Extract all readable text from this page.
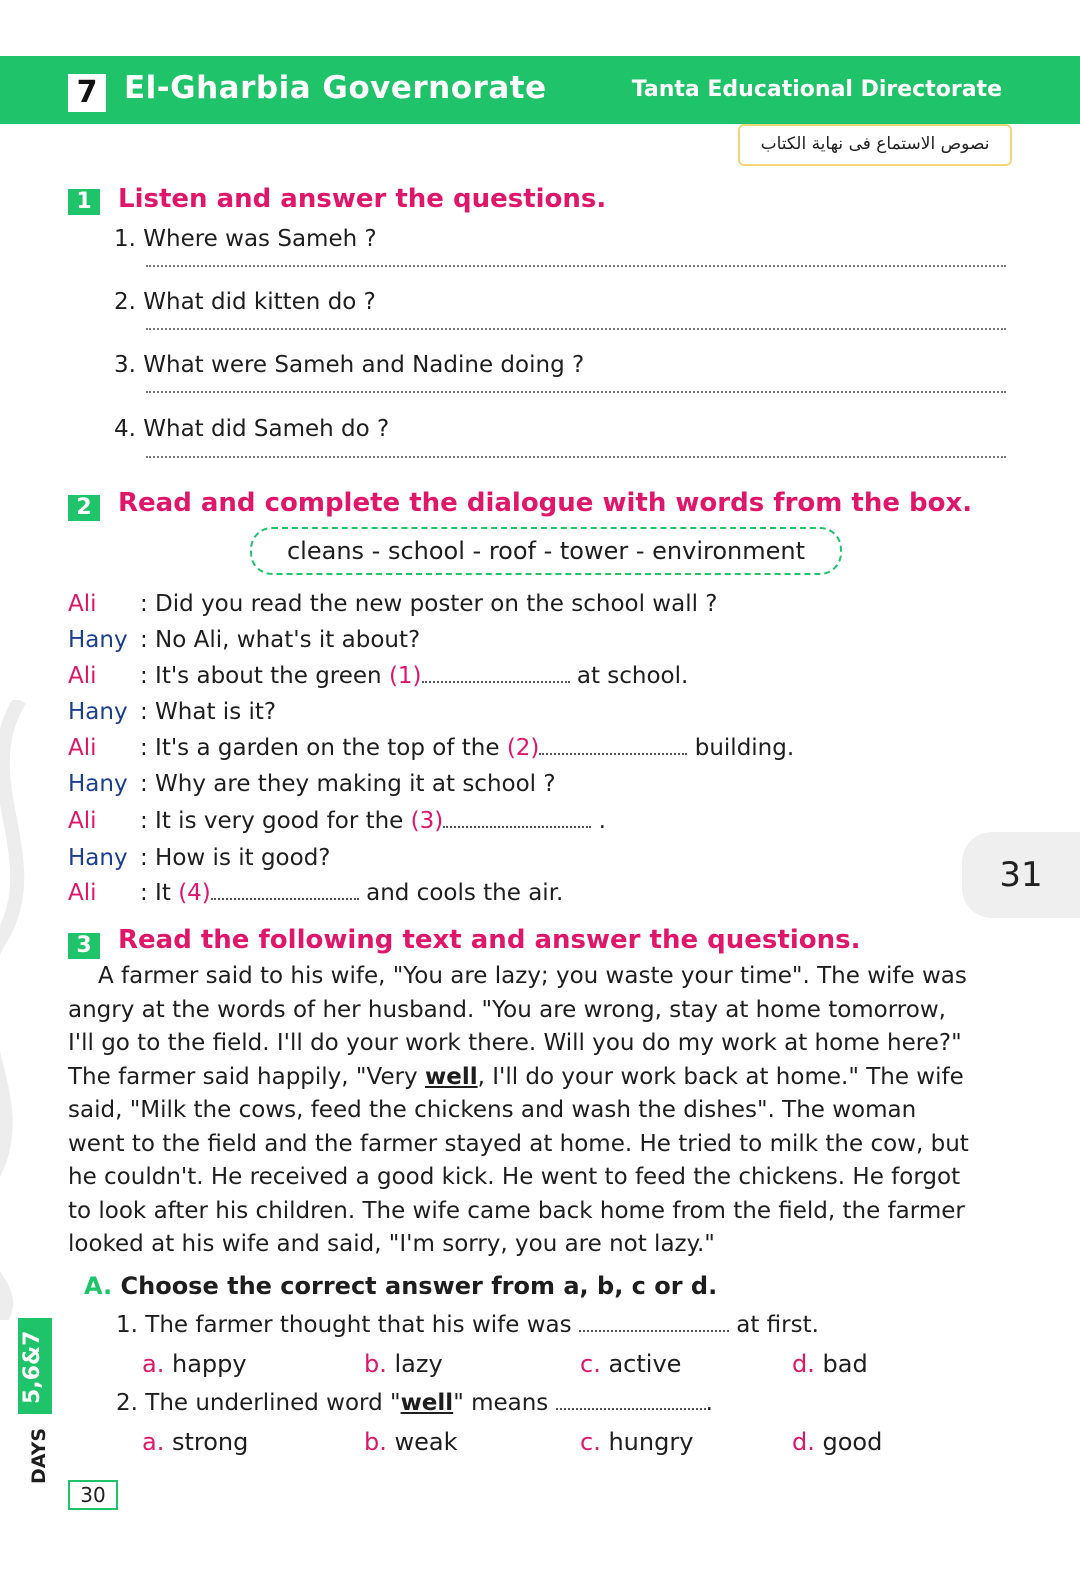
7 El-Gharbia Governorate	Tanta Educational Directorate
نصوص الاستماع فى نهاية الكتاب
1	Listen and answer the questions.
1. Where was Sameh ?
2. What did kitten do ?
3. What were Sameh and Nadine doing ?
4. What did Sameh do ?
2	Read and complete the dialogue with words from the box.
cleans - school - roof - tower - environment
Ali : Did you read the new poster on the school wall ?
Hany : No Ali, what's it about?
Ali : It's about the green (1)	at school.
Hany : What is it?
Ali : It's a garden on the top of the (2)	building.
Hany : Why are they making it at school ?
Ali : It is very good for the (3)	.
Hany : How is it good?
Ali : It (4)	and cools the air.	31
3	Read the following text and answer the questions.
A farmer said to his wife, "You are lazy; you waste your time". The wife was
angry at the words of her husband. "You are wrong, stay at home tomorrow,
I'll go to the field. I'll do your work there. Will you do my work at home here?"
The farmer said happily, "Very well, I'll do your work back at home." The wife
said, "Milk the cows, feed the chickens and wash the dishes". The woman
went to the field and the farmer stayed at home. He tried to milk the cow, but
he couldn't. He received a good kick. He went to feed the chickens. He forgot
to look after his children. The wife came back home from the field, the farmer
looked at his wife and said, "I'm sorry, you are not lazy."
A. Choose the correct answer from a, b, c or d.
1. The farmer thought that his wife was	at first.
a. happy	b. lazy	c. active	d. bad
2. The underlined word "well" means	.
a. strong	b. weak	c. hungry	d. good
5,6&7
DAYS
30
